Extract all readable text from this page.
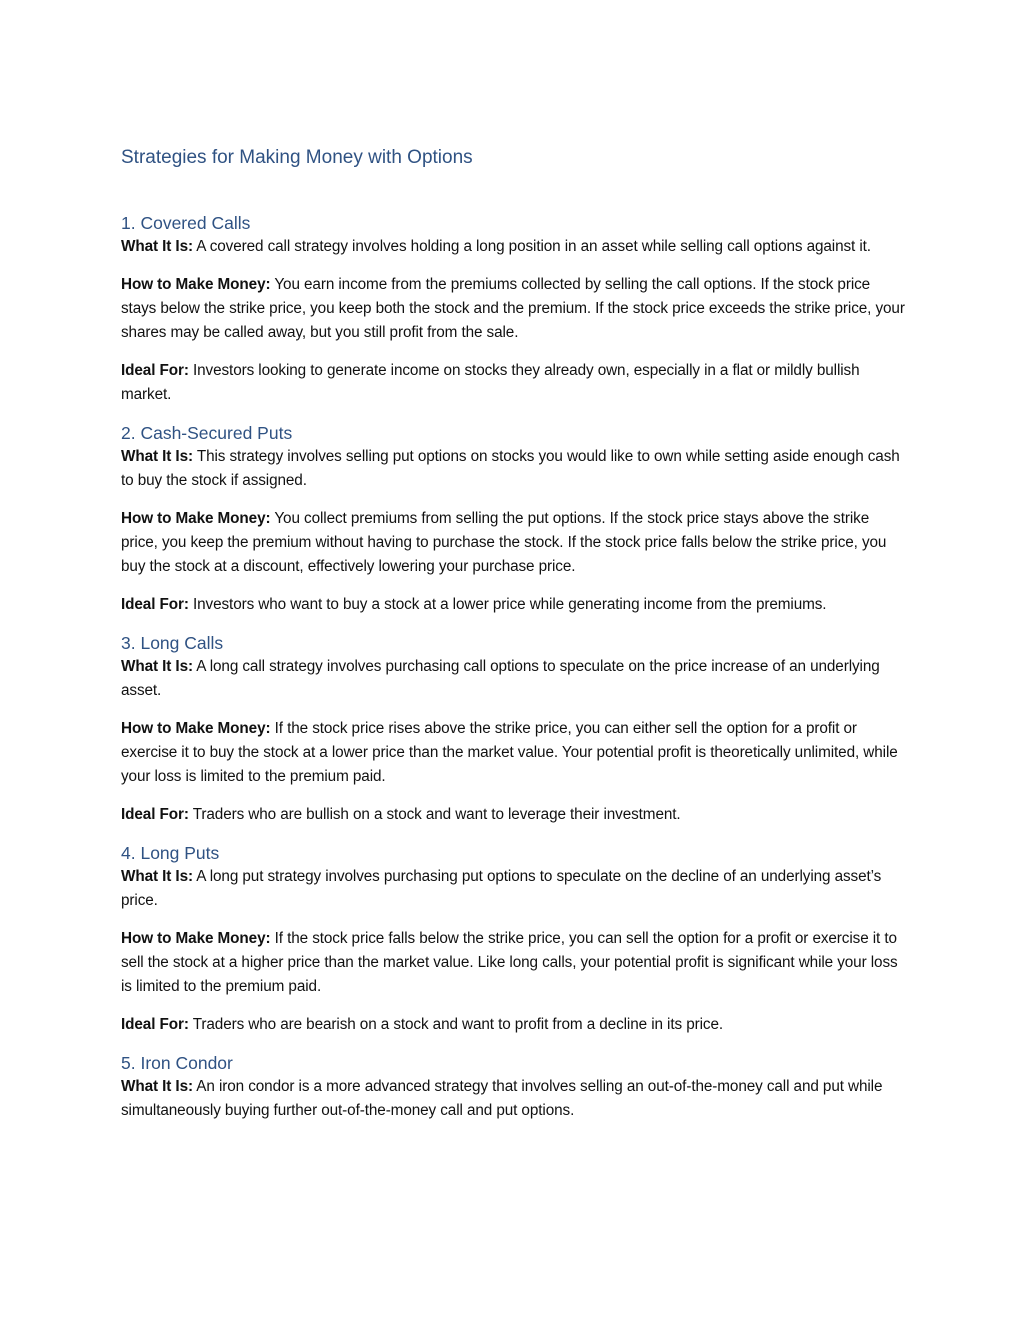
Strategies for Making Money with Options
1. Covered Calls

What It Is: A covered call strategy involves holding a long position in an asset while selling call options against it.

How to Make Money: You earn income from the premiums collected by selling the call options. If the stock price stays below the strike price, you keep both the stock and the premium. If the stock price exceeds the strike price, your shares may be called away, but you still profit from the sale.

Ideal For: Investors looking to generate income on stocks they already own, especially in a flat or mildly bullish market.

2. Cash-Secured Puts

What It Is: This strategy involves selling put options on stocks you would like to own while setting aside enough cash to buy the stock if assigned.

How to Make Money: You collect premiums from selling the put options. If the stock price stays above the strike price, you keep the premium without having to purchase the stock. If the stock price falls below the strike price, you buy the stock at a discount, effectively lowering your purchase price.

Ideal For: Investors who want to buy a stock at a lower price while generating income from the premiums.

3. Long Calls

What It Is: A long call strategy involves purchasing call options to speculate on the price increase of an underlying asset.

How to Make Money: If the stock price rises above the strike price, you can either sell the option for a profit or exercise it to buy the stock at a lower price than the market value. Your potential profit is theoretically unlimited, while your loss is limited to the premium paid.

Ideal For: Traders who are bullish on a stock and want to leverage their investment.

4. Long Puts

What It Is: A long put strategy involves purchasing put options to speculate on the decline of an underlying asset’s price.

How to Make Money: If the stock price falls below the strike price, you can sell the option for a profit or exercise it to sell the stock at a higher price than the market value. Like long calls, your potential profit is significant while your loss is limited to the premium paid.

Ideal For: Traders who are bearish on a stock and want to profit from a decline in its price.

5. Iron Condor

What It Is: An iron condor is a more advanced strategy that involves selling an out-of-the-money call and put while simultaneously buying further out-of-the-money call and put options.
